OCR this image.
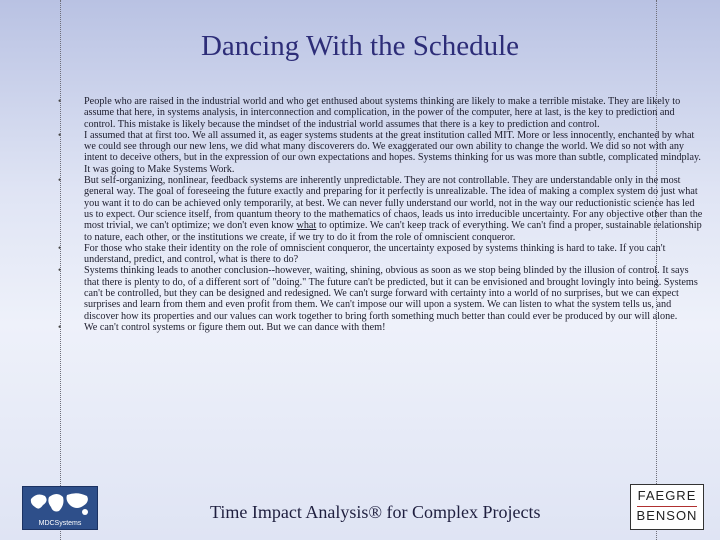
Dancing With the Schedule
• People who are raised in the industrial world and who get enthused about systems thinking are likely to make a terrible mistake. They are likely to assume that here, in systems analysis, in interconnection and complication, in the power of the computer, here at last, is the key to prediction and control. This mistake is likely because the mindset of the industrial world assumes that there is a key to prediction and control.
• I assumed that at first too. We all assumed it, as eager systems students at the great institution called MIT. More or less innocently, enchanted by what we could see through our new lens, we did what many discoverers do. We exaggerated our own ability to change the world. We did so not with any intent to deceive others, but in the expression of our own expectations and hopes. Systems thinking for us was more than subtle, complicated mindplay. It was going to Make Systems Work.
• But self-organizing, nonlinear, feedback systems are inherently unpredictable. They are not controllable. They are understandable only in the most general way. The goal of foreseeing the future exactly and preparing for it perfectly is unrealizable. The idea of making a complex system do just what you want it to do can be achieved only temporarily, at best. We can never fully understand our world, not in the way our reductionistic science has led us to expect. Our science itself, from quantum theory to the mathematics of chaos, leads us into irreducible uncertainty. For any objective other than the most trivial, we can't optimize; we don't even know what to optimize. We can't keep track of everything. We can't find a proper, sustainable relationship to nature, each other, or the institutions we create, if we try to do it from the role of omniscient conqueror.
• For those who stake their identity on the role of omniscient conqueror, the uncertainty exposed by systems thinking is hard to take. If you can't understand, predict, and control, what is there to do?
• Systems thinking leads to another conclusion--however, waiting, shining, obvious as soon as we stop being blinded by the illusion of control. It says that there is plenty to do, of a different sort of "doing." The future can't be predicted, but it can be envisioned and brought lovingly into being. Systems can't be controlled, but they can be designed and redesigned. We can't surge forward with certainty into a world of no surprises, but we can expect surprises and learn from them and even profit from them. We can't impose our will upon a system. We can listen to what the system tells us, and discover how its properties and our values can work together to bring forth something much better than could ever be produced by our will alone.
• We can't control systems or figure them out. But we can dance with them!
MDCSystems
Time Impact Analysis® for Complex Projects
FAEGRE
BENSON
